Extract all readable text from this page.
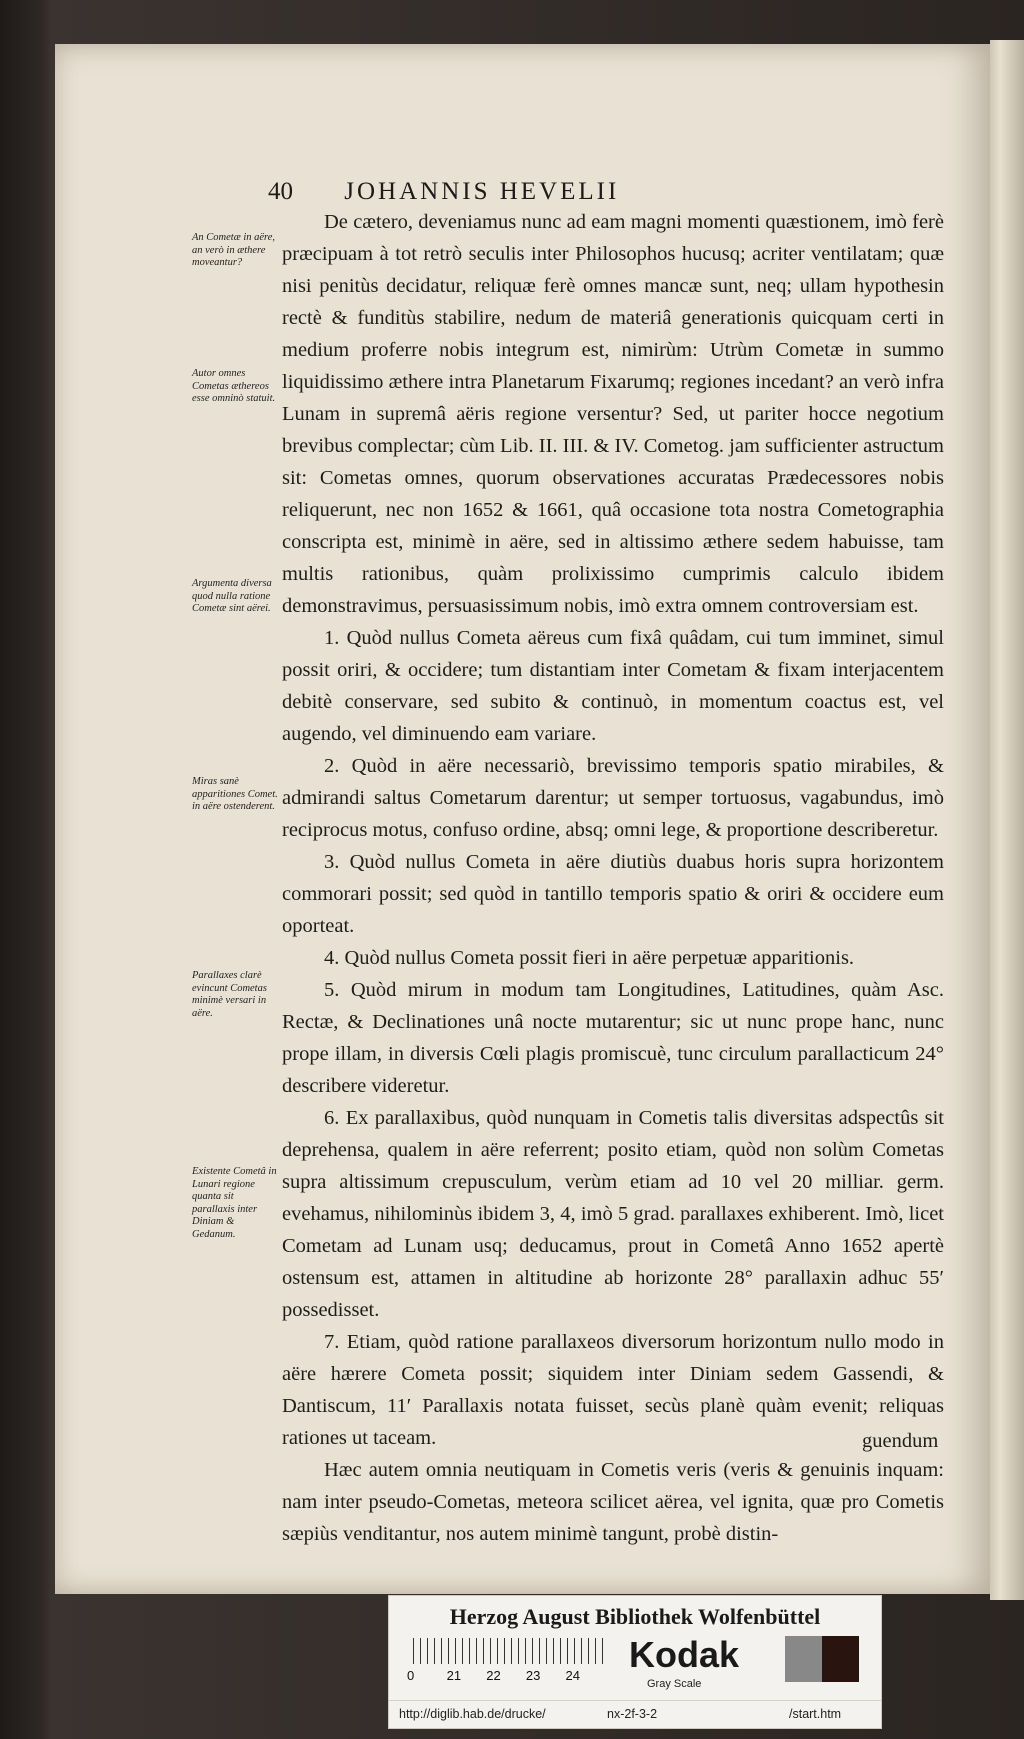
40 JOHANNIS HEVELII
An Cometæ in aëre, an verò in æthere moveantur?
Autor omnes Cometas æthereos esse omninò statuit.
Argumenta diversa quod nulla ratione Cometæ sint aërei.
Miras sanè apparitiones Comet. in aëre ostenderent.
Parallaxes clarè evincunt Cometas minimè versari in aëre.
Existente Cometâ in Lunari regione quanta sit parallaxis inter Diniam & Gedanum.

De cætero, deveniamus nunc ad eam magni momenti quæstionem, imò ferè præcipuam à tot retrò seculis inter Philosophos hucusq; acriter ventilatam; quæ nisi penitùs decidatur, reliquæ ferè omnes mancæ sunt, neq; ullam hypothesin rectè & funditùs stabilire, nedum de materiâ generationis quicquam certi in medium proferre nobis integrum est, nimirùm: Utrùm Cometæ in summo liquidissimo æthere intra Planetarum Fixarumq; regiones incedant? an verò infra Lunam in supremâ aëris regione versentur? Sed, ut pariter hocce negotium brevibus complectar; cùm Lib. II. III. & IV. Cometog. jam sufficienter astructum sit: Cometas omnes, quorum observationes accuratas Prædecessores nobis reliquerunt, nec non 1652 & 1661, quâ occasione tota nostra Cometographia conscripta est, minimè in aëre, sed in altissimo æthere sedem habuisse, tam multis rationibus, quàm prolixissimo cumprimis calculo ibidem demonstravimus, persuasissimum nobis, imò extra omnem controversiam est.

1. Quòd nullus Cometa aëreus cum fixâ quâdam, cui tum imminet, simul possit oriri, & occidere; tum distantiam inter Cometam & fixam interjacentem debitè conservare, sed subito & continuò, in momentum coactus est, vel augendo, vel diminuendo eam variare.

2. Quòd in aëre necessariò, brevissimo temporis spatio mirabiles, & admirandi saltus Cometarum darentur; ut semper tortuosus, vagabundus, imò reciprocus motus, confuso ordine, absq; omni lege, & proportione describeretur.

3. Quòd nullus Cometa in aëre diutiùs duabus horis supra horizontem commorari possit; sed quòd in tantillo temporis spatio & oriri & occidere eum oporteat.

4. Quòd nullus Cometa possit fieri in aëre perpetuæ apparitionis.

5. Quòd mirum in modum tam Longitudines, Latitudines, quàm Asc. Rectæ, & Declinationes unâ nocte mutarentur; sic ut nunc prope hanc, nunc prope illam, in diversis Cœli plagis promiscuè, tunc circulum parallacticum 24° describere videretur.

6. Ex parallaxibus, quòd nunquam in Cometis talis diversitas adspectûs sit deprehensa, qualem in aëre referrent; posito etiam, quòd non solùm Cometas supra altissimum crepusculum, verùm etiam ad 10 vel 20 milliar. germ. evehamus, nihilominùs ibidem 3, 4, imò 5 grad. parallaxes exhiberent. Imò, licet Cometam ad Lunam usq; deducamus, prout in Cometâ Anno 1652 apertè ostensum est, attamen in altitudine ab horizonte 28° parallaxin adhuc 55′ possedisset.

7. Etiam, quòd ratione parallaxeos diversorum horizontum nullo modo in aëre hærere Cometa possit; siquidem inter Diniam sedem Gassendi, & Dantiscum, 11′ Parallaxis notata fuisset, secùs planè quàm evenit; reliquas rationes ut taceam.

Hæc autem omnia neutiquam in Cometis veris (veris & genuinis inquam: nam inter pseudo-Cometas, meteora scilicet aërea, vel ignita, quæ pro Cometis sæpiùs venditantur, nos autem minimè tangunt, probè distin-

guendum
Herzog August Bibliothek Wolfenbüttel
0 21 22 23 24
Kodak
Gray Scale
http://diglib.hab.de/drucke/	nx-2f-3-2	/start.htm
